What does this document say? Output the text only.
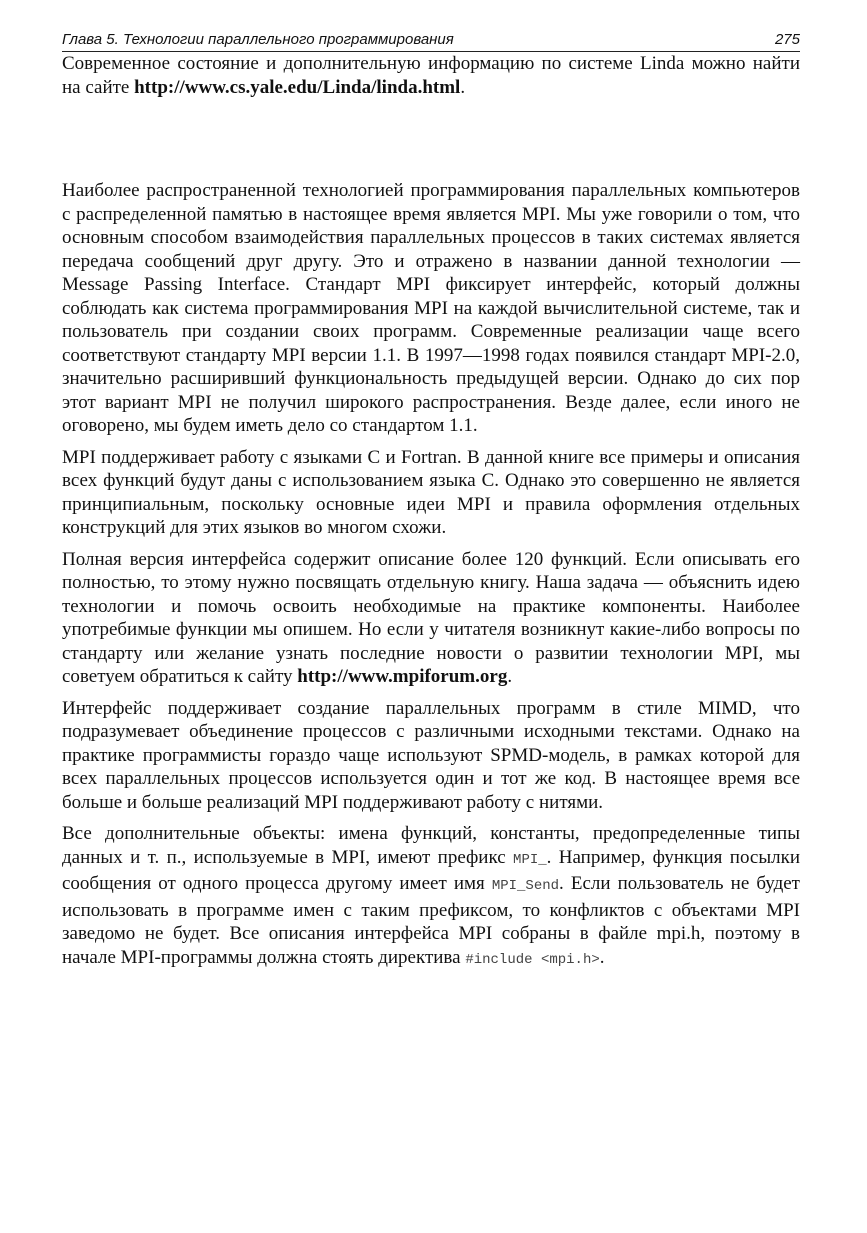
Глава 5. Технологии параллельного программирования	275

Современное состояние и дополнительную информацию по системе Linda можно найти на сайте http://www.cs.yale.edu/Linda/linda.html.

Наиболее распространенной технологией программирования параллельных компьютеров с распределенной памятью в настоящее время является MPI. Мы уже говорили о том, что основным способом взаимодействия параллельных процессов в таких системах является передача сообщений друг другу. Это и отражено в названии данной технологии — Message Passing Interface. Стандарт MPI фиксирует интерфейс, который должны соблюдать как система программирования MPI на каждой вычислительной системе, так и пользователь при создании своих программ. Современные реализации чаще всего соответствуют стандарту MPI версии 1.1. В 1997—1998 годах появился стандарт MPI-2.0, значительно расширивший функциональность предыдущей версии. Однако до сих пор этот вариант MPI не получил широкого распространения. Везде далее, если иного не оговорено, мы будем иметь дело со стандартом 1.1.

MPI поддерживает работу с языками C и Fortran. В данной книге все примеры и описания всех функций будут даны с использованием языка C. Однако это совершенно не является принципиальным, поскольку основные идеи MPI и правила оформления отдельных конструкций для этих языков во многом схожи.

Полная версия интерфейса содержит описание более 120 функций. Если описывать его полностью, то этому нужно посвящать отдельную книгу. Наша задача — объяснить идею технологии и помочь освоить необходимые на практике компоненты. Наиболее употребимые функции мы опишем. Но если у читателя возникнут какие-либо вопросы по стандарту или желание узнать последние новости о развитии технологии MPI, мы советуем обратиться к сайту http://www.mpiforum.org.

Интерфейс поддерживает создание параллельных программ в стиле MIMD, что подразумевает объединение процессов с различными исходными текстами. Однако на практике программисты гораздо чаще используют SPMD-модель, в рамках которой для всех параллельных процессов используется один и тот же код. В настоящее время все больше и больше реализаций MPI поддерживают работу с нитями.

Все дополнительные объекты: имена функций, константы, предопределенные типы данных и т. п., используемые в MPI, имеют префикс MPI_. Например, функция посылки сообщения от одного процесса другому имеет имя MPI_Send. Если пользователь не будет использовать в программе имен с таким префиксом, то конфликтов с объектами MPI заведомо не будет. Все описания интерфейса MPI собраны в файле mpi.h, поэтому в начале MPI-программы должна стоять директива #include <mpi.h>.
